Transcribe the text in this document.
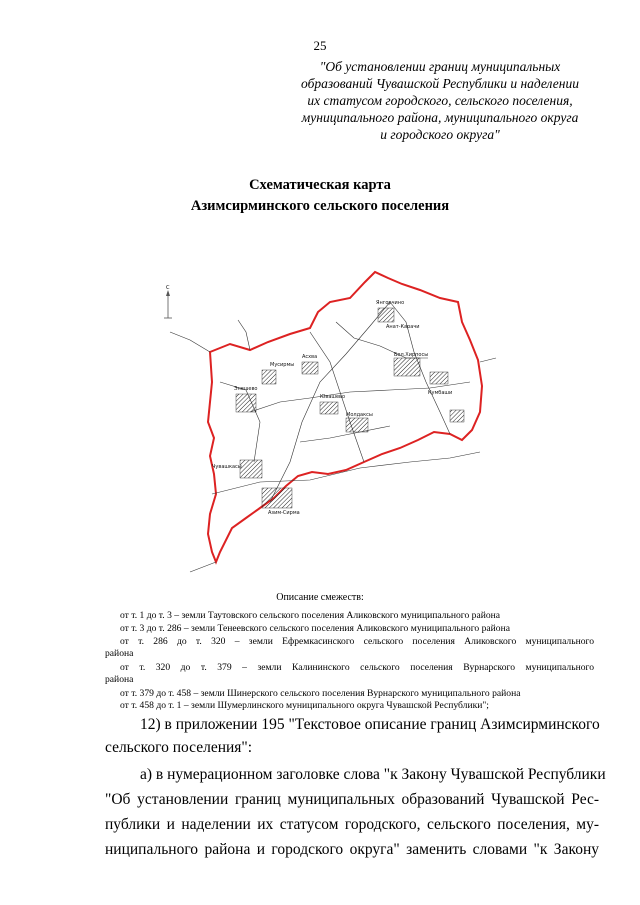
25
"Об установлении границ муниципальных
образований Чувашской Республики и наделении
их статусом городского, сельского поселения,
муниципального района, муниципального округа
и городского округа"
Схематическая карта
Азимсирминского сельского поселения
С
Энешево
Чувашкасы
Азим-Сирма
Мусирмы
Молдаксы
Бол.Хирпосы
Кумбаши
Янгорчино
Анат-Карачи
Асхва
Ювашево
Описание смежеств:
от т. 1 до т. 3 – земли Таутовского сельского поселения Аликовского муниципального района
от т. 3 до т. 286 – земли Тенеевского сельского поселения Аликовского муниципального района
от т. 286 до т. 320 – земли Ефремкасинского сельского поселения Аликовского муниципального
района
от т. 320 до т. 379 – земли Калининского сельского поселения Вурнарского муниципального
района
от т. 379 до т. 458 – земли Шинерского сельского поселения Вурнарского муниципального района
от т. 458 до т. 1 – земли Шумерлинского муниципального округа Чувашской Республики";
12) в приложении 195 "Текстовое описание границ Азимсирминского
сельского поселения":
а) в нумерационном заголовке слова "к Закону Чувашской Республики
"Об установлении границ муниципальных образований Чувашской Рес-
публики и наделении их статусом городского, сельского поселения, му-
ниципального района и городского округа" заменить словами "к Закону
